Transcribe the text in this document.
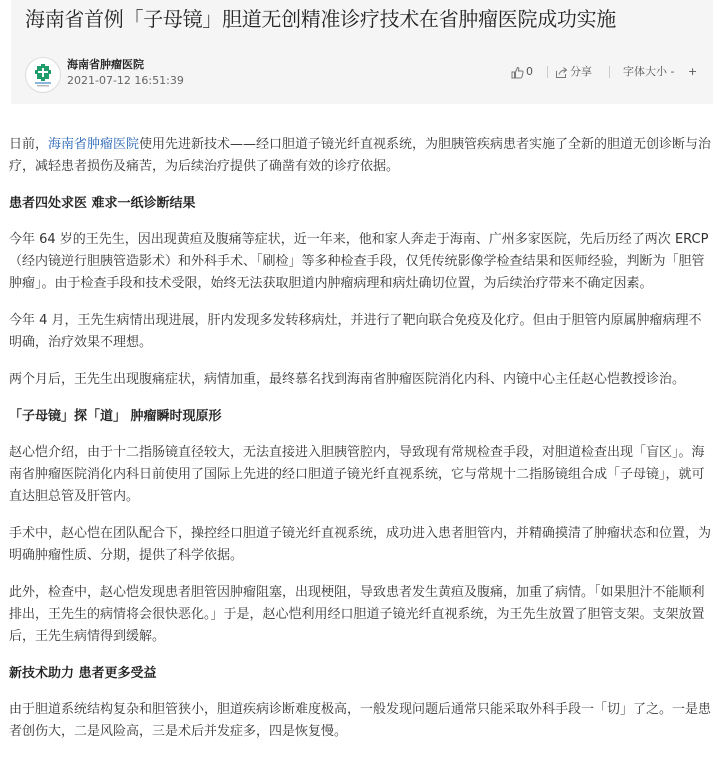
海南省首例「子母镜」胆道无创精准诊疗技术在省肿瘤医院成功实施
海南省肿瘤医院
2021-07-12 16:51:39
0	分享	字体大小 - +

日前，海南省肿瘤医院使用先进新技术——经口胆道子镜光纤直视系统，为胆胰管疾病患者实施了全新的胆道无创诊断与治疗，减轻患者损伤及痛苦，为后续治疗提供了确凿有效的诊疗依据。

患者四处求医 难求一纸诊断结果

今年 64 岁的王先生，因出现黄疸及腹痛等症状，近一年来，他和家人奔走于海南、广州多家医院，先后历经了两次 ERCP（经内镜逆行胆胰管造影术）和外科手术、「刷检」等多种检查手段，仅凭传统影像学检查结果和医师经验，判断为「胆管肿瘤」。由于检查手段和技术受限，始终无法获取胆道内肿瘤病理和病灶确切位置，为后续治疗带来不确定因素。

今年 4 月，王先生病情出现进展，肝内发现多发转移病灶，并进行了靶向联合免疫及化疗。但由于胆管内原属肿瘤病理不明确，治疗效果不理想。

两个月后，王先生出现腹痛症状，病情加重，最终慕名找到海南省肿瘤医院消化内科、内镜中心主任赵心恺教授诊治。

「子母镜」探「道」 肿瘤瞬时现原形

赵心恺介绍，由于十二指肠镜直径较大，无法直接进入胆胰管腔内，导致现有常规检查手段，对胆道检查出现「盲区」。海南省肿瘤医院消化内科日前使用了国际上先进的经口胆道子镜光纤直视系统，它与常规十二指肠镜组合成「子母镜」，就可直达胆总管及肝管内。

手术中，赵心恺在团队配合下，操控经口胆道子镜光纤直视系统，成功进入患者胆管内，并精确摸清了肿瘤状态和位置，为明确肿瘤性质、分期，提供了科学依据。

此外，检查中，赵心恺发现患者胆管因肿瘤阻塞，出现梗阻，导致患者发生黄疸及腹痛，加重了病情。「如果胆汁不能顺利排出，王先生的病情将会很快恶化。」于是，赵心恺利用经口胆道子镜光纤直视系统，为王先生放置了胆管支架。支架放置后，王先生病情得到缓解。

新技术助力 患者更多受益

由于胆道系统结构复杂和胆管狭小，胆道疾病诊断难度极高，一般发现问题后通常只能采取外科手段一「切」了之。一是患者创伤大，二是风险高，三是术后并发症多，四是恢复慢。
